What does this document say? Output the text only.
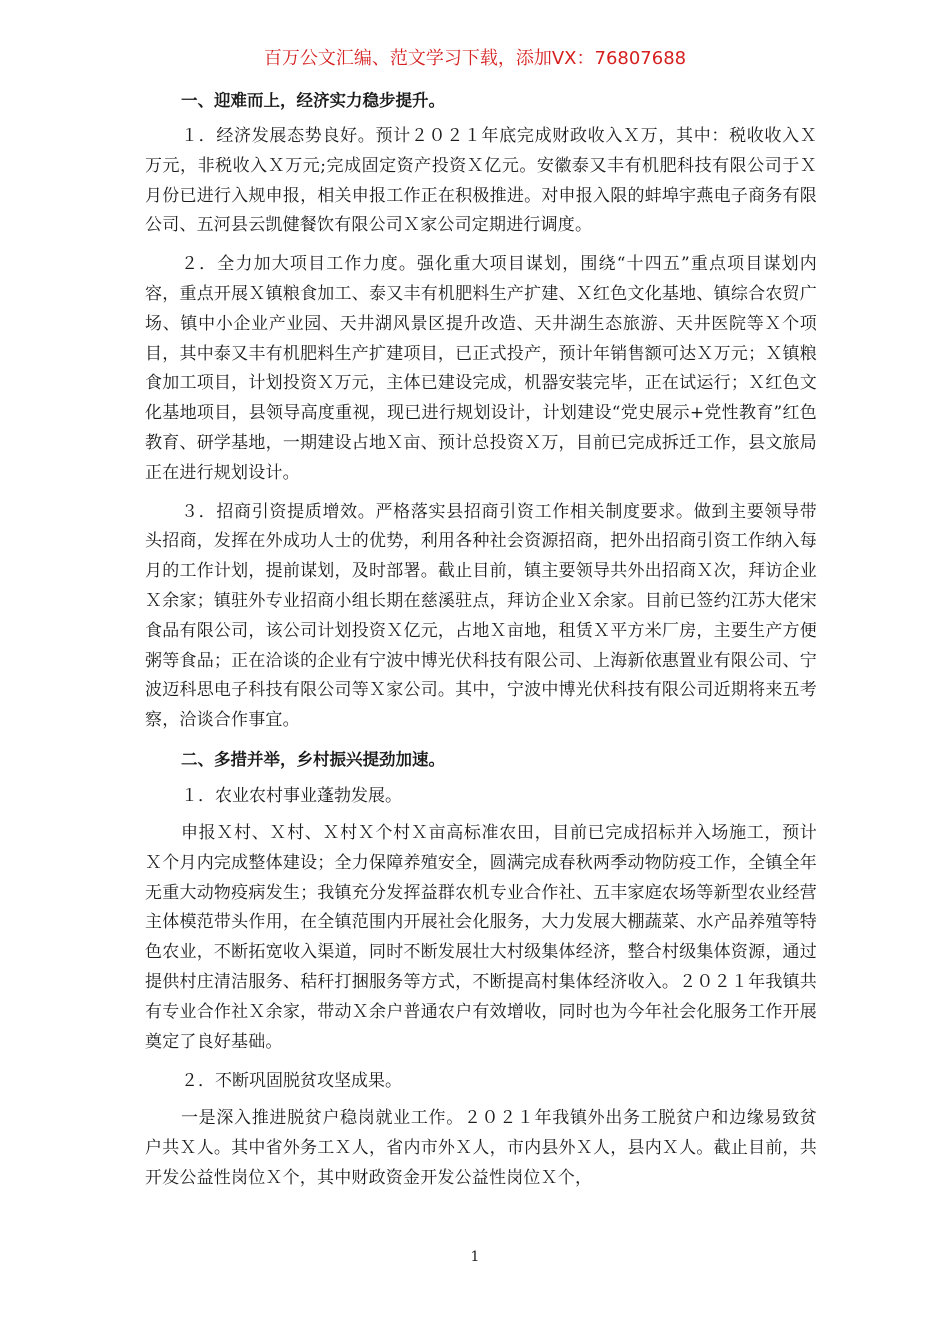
百万公文汇编、范文学习下载，添加VX：76807688
一、迎难而上，经济实力稳步提升。

１．经济发展态势良好。预计２０２１年底完成财政收入Ｘ万，其中：税收收入Ｘ万元，非税收入Ｘ万元;完成固定资产投资Ｘ亿元。安徽泰又丰有机肥科技有限公司于Ｘ月份已进行入规申报，相关申报工作正在积极推进。对申报入限的蚌埠宇燕电子商务有限公司、五河县云凯健餐饮有限公司Ｘ家公司定期进行调度。

２．全力加大项目工作力度。强化重大项目谋划，围绕“十四五”重点项目谋划内容，重点开展Ｘ镇粮食加工、泰又丰有机肥料生产扩建、Ｘ红色文化基地、镇综合农贸广场、镇中小企业产业园、天井湖风景区提升改造、天井湖生态旅游、天井医院等Ｘ个项目，其中泰又丰有机肥料生产扩建项目，已正式投产，预计年销售额可达Ｘ万元；Ｘ镇粮食加工项目，计划投资Ｘ万元，主体已建设完成，机器安装完毕，正在试运行；Ｘ红色文化基地项目，县领导高度重视，现已进行规划设计，计划建设“党史展示+党性教育”红色教育、研学基地，一期建设占地Ｘ亩、预计总投资Ｘ万，目前已完成拆迁工作，县文旅局正在进行规划设计。

３．招商引资提质增效。严格落实县招商引资工作相关制度要求。做到主要领导带头招商，发挥在外成功人士的优势，利用各种社会资源招商，把外出招商引资工作纳入每月的工作计划，提前谋划，及时部署。截止目前，镇主要领导共外出招商Ｘ次，拜访企业Ｘ余家；镇驻外专业招商小组长期在慈溪驻点，拜访企业Ｘ余家。目前已签约江苏大佬宋食品有限公司，该公司计划投资Ｘ亿元，占地Ｘ亩地，租赁Ｘ平方米厂房，主要生产方便粥等食品；正在洽谈的企业有宁波中博光伏科技有限公司、上海新依惠置业有限公司、宁波迈科思电子科技有限公司等Ｘ家公司。其中，宁波中博光伏科技有限公司近期将来五考察，洽谈合作事宜。

二、多措并举，乡村振兴提劲加速。

１．农业农村事业蓬勃发展。

申报Ｘ村、Ｘ村、Ｘ村Ｘ个村Ｘ亩高标准农田，目前已完成招标并入场施工，预计Ｘ个月内完成整体建设；全力保障养殖安全，圆满完成春秋两季动物防疫工作，全镇全年无重大动物疫病发生；我镇充分发挥益群农机专业合作社、五丰家庭农场等新型农业经营主体模范带头作用，在全镇范围内开展社会化服务，大力发展大棚蔬菜、水产品养殖等特色农业，不断拓宽收入渠道，同时不断发展壮大村级集体经济，整合村级集体资源，通过提供村庄清洁服务、秸秆打捆服务等方式，不断提高村集体经济收入。２０２１年我镇共有专业合作社Ｘ余家，带动Ｘ余户普通农户有效增收，同时也为今年社会化服务工作开展奠定了良好基础。

２．不断巩固脱贫攻坚成果。

一是深入推进脱贫户稳岗就业工作。２０２１年我镇外出务工脱贫户和边缘易致贫户共Ｘ人。其中省外务工Ｘ人，省内市外Ｘ人，市内县外Ｘ人，县内Ｘ人。截止目前，共开发公益性岗位Ｘ个，其中财政资金开发公益性岗位Ｘ个，

1
